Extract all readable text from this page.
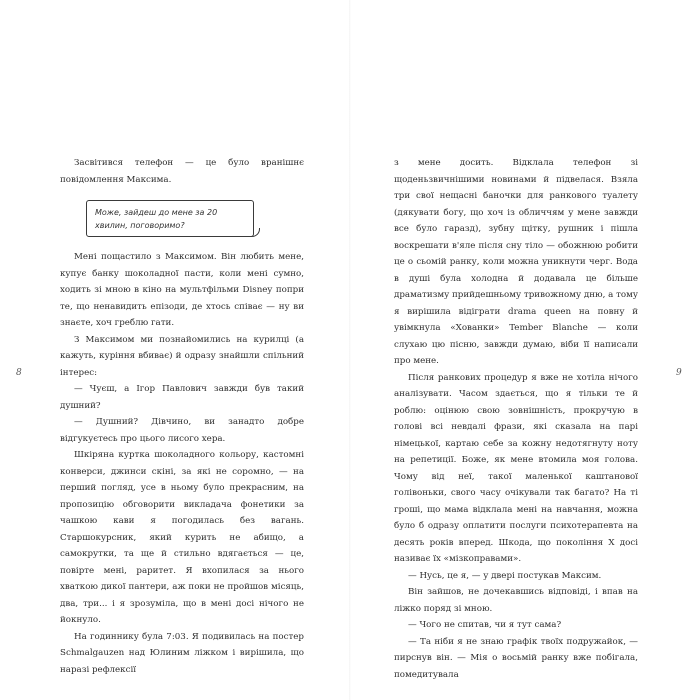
Засвітився телефон — це було вранішнє повідомлення Максима.

Може, зайдеш до мене за 20 хвилин, поговоримо?

Мені пощастило з Максимом. Він любить мене, купує банку шоколадної пасти, коли мені сумно, ходить зі мною в кіно на мультфільми Disney попри те, що ненавидить епізоди, де хтось співає — ну ви знаєте, хоч греблю гати.

З Максимом ми познайомились на курилці (а кажуть, куріння вбиває) й одразу знайшли спільний інтерес:

— Чуєш, а Ігор Павлович завжди був такий душний?

— Душний? Дівчино, ви занадто добре відгукуєтесь про цього лисого хера.

Шкіряна куртка шоколадного кольору, кастомні конверси, джинси скіні, за які не соромно, — на перший погляд, усе в ньому було прекрасним, на пропозицію обговорити викладача фонетики за чашкою кави я погодилась без вагань. Старшокурсник, який курить не абищо, а самокрутки, та ще й стильно вдягається — це, повірте мені, раритет. Я вхопилася за нього хваткою дикої пантери, аж поки не пройшов місяць, два, три... і я зрозуміла, що в мені досі нічого не йокнуло.

На годиннику була 7:03. Я подивилась на постер Schmalgauzen над Юлиним ліжком і вирішила, що наразі рефлексії

з мене досить. Відклала телефон зі щоденьзвичнішими новинами й підвелася. Взяла три свої нещасні баночки для ранкового туалету (дякувати богу, що хоч із обличчям у мене завжди все було гаразд), зубну щітку, рушник і пішла воскрешати в'яле після сну тіло — обожнюю робити це о сьомій ранку, коли можна уникнути черг. Вода в душі була холодна й додавала це більше драматизму прийдешньому тривожному дню, а тому я вирішила відіграти drama queen на повну й увімкнула «Хованки» Tember Blanche — коли слухаю цю пісню, завжди думаю, віби її написали про мене.

Після ранкових процедур я вже не хотіла нічого аналізувати. Часом здається, що я тільки те й роблю: оцінюю свою зовнішність, прокручую в голові всі невдалі фрази, які сказала на парі німецької, картаю себе за кожну недотягнуту ноту на репетиції. Боже, як мене втомила моя голова. Чому від неї, такої маленької каштанової голівоньки, свого часу очікували так багато? На ті гроші, що мама відклала мені на навчання, можна було б одразу оплатити послуги психотерапевта на десять років вперед. Шкода, що покоління X досі називає їх «мізкоправами».

— Нусь, це я, — у двері постукав Максим.

Він зайшов, не дочекавшись відповіді, і впав на ліжко поряд зі мною.

— Чого не спитав, чи я тут сама?

— Та ніби я не знаю графік твоїх подружайок, — пирснув він. — Мія о восьмій ранку вже побігала, помедитувала

8	9
